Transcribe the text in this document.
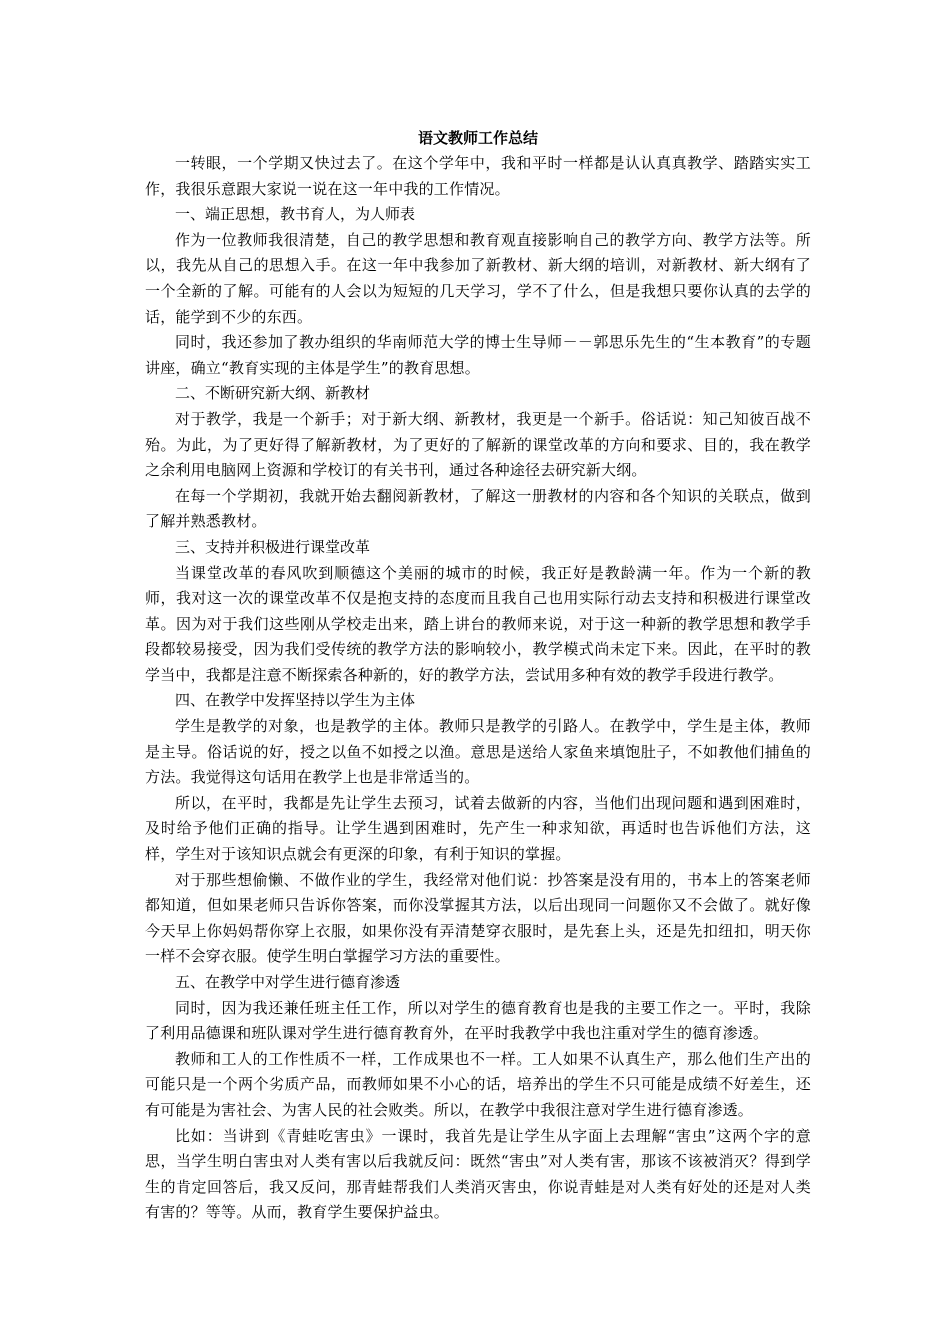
语文教师工作总结

一转眼，一个学期又快过去了。在这个学年中，我和平时一样都是认认真真教学、踏踏实实工作，我很乐意跟大家说一说在这一年中我的工作情况。

一、端正思想，教书育人，为人师表

作为一位教师我很清楚，自己的教学思想和教育观直接影响自己的教学方向、教学方法等。所以，我先从自己的思想入手。在这一年中我参加了新教材、新大纲的培训，对新教材、新大纲有了一个全新的了解。可能有的人会以为短短的几天学习，学不了什么，但是我想只要你认真的去学的话，能学到不少的东西。

同时，我还参加了教办组织的华南师范大学的博士生导师－－郭思乐先生的“生本教育”的专题讲座，确立“教育实现的主体是学生”的教育思想。

二、不断研究新大纲、新教材

对于教学，我是一个新手；对于新大纲、新教材，我更是一个新手。俗话说：知己知彼百战不殆。为此，为了更好得了解新教材，为了更好的了解新的课堂改革的方向和要求、目的，我在教学之余利用电脑网上资源和学校订的有关书刊，通过各种途径去研究新大纲。

在每一个学期初，我就开始去翻阅新教材，了解这一册教材的内容和各个知识的关联点，做到了解并熟悉教材。

三、支持并积极进行课堂改革

当课堂改革的春风吹到顺德这个美丽的城市的时候，我正好是教龄满一年。作为一个新的教师，我对这一次的课堂改革不仅是抱支持的态度而且我自己也用实际行动去支持和积极进行课堂改革。因为对于我们这些刚从学校走出来，踏上讲台的教师来说，对于这一种新的教学思想和教学手段都较易接受，因为我们受传统的教学方法的影响较小，教学模式尚未定下来。因此，在平时的教学当中，我都是注意不断探索各种新的，好的教学方法，尝试用多种有效的教学手段进行教学。

四、在教学中发挥坚持以学生为主体

学生是教学的对象，也是教学的主体。教师只是教学的引路人。在教学中，学生是主体，教师是主导。俗话说的好，授之以鱼不如授之以渔。意思是送给人家鱼来填饱肚子，不如教他们捕鱼的方法。我觉得这句话用在教学上也是非常适当的。

所以，在平时，我都是先让学生去预习，试着去做新的内容，当他们出现问题和遇到困难时，及时给予他们正确的指导。让学生遇到困难时，先产生一种求知欲，再适时也告诉他们方法，这样，学生对于该知识点就会有更深的印象，有利于知识的掌握。

对于那些想偷懒、不做作业的学生，我经常对他们说：抄答案是没有用的，书本上的答案老师都知道，但如果老师只告诉你答案，而你没掌握其方法，以后出现同一问题你又不会做了。就好像今天早上你妈妈帮你穿上衣服，如果你没有弄清楚穿衣服时，是先套上头，还是先扣纽扣，明天你一样不会穿衣服。使学生明白掌握学习方法的重要性。

五、在教学中对学生进行德育渗透

同时，因为我还兼任班主任工作，所以对学生的德育教育也是我的主要工作之一。平时，我除了利用品德课和班队课对学生进行德育教育外，在平时我教学中我也注重对学生的德育渗透。

教师和工人的工作性质不一样，工作成果也不一样。工人如果不认真生产，那么他们生产出的可能只是一个两个劣质产品，而教师如果不小心的话，培养出的学生不只可能是成绩不好差生，还有可能是为害社会、为害人民的社会败类。所以，在教学中我很注意对学生进行德育渗透。

比如：当讲到《青蛙吃害虫》一课时，我首先是让学生从字面上去理解“害虫”这两个字的意思，当学生明白害虫对人类有害以后我就反问：既然“害虫”对人类有害，那该不该被消灭？得到学生的肯定回答后，我又反问，那青蛙帮我们人类消灭害虫，你说青蛙是对人类有好处的还是对人类有害的？等等。从而，教育学生要保护益虫。
